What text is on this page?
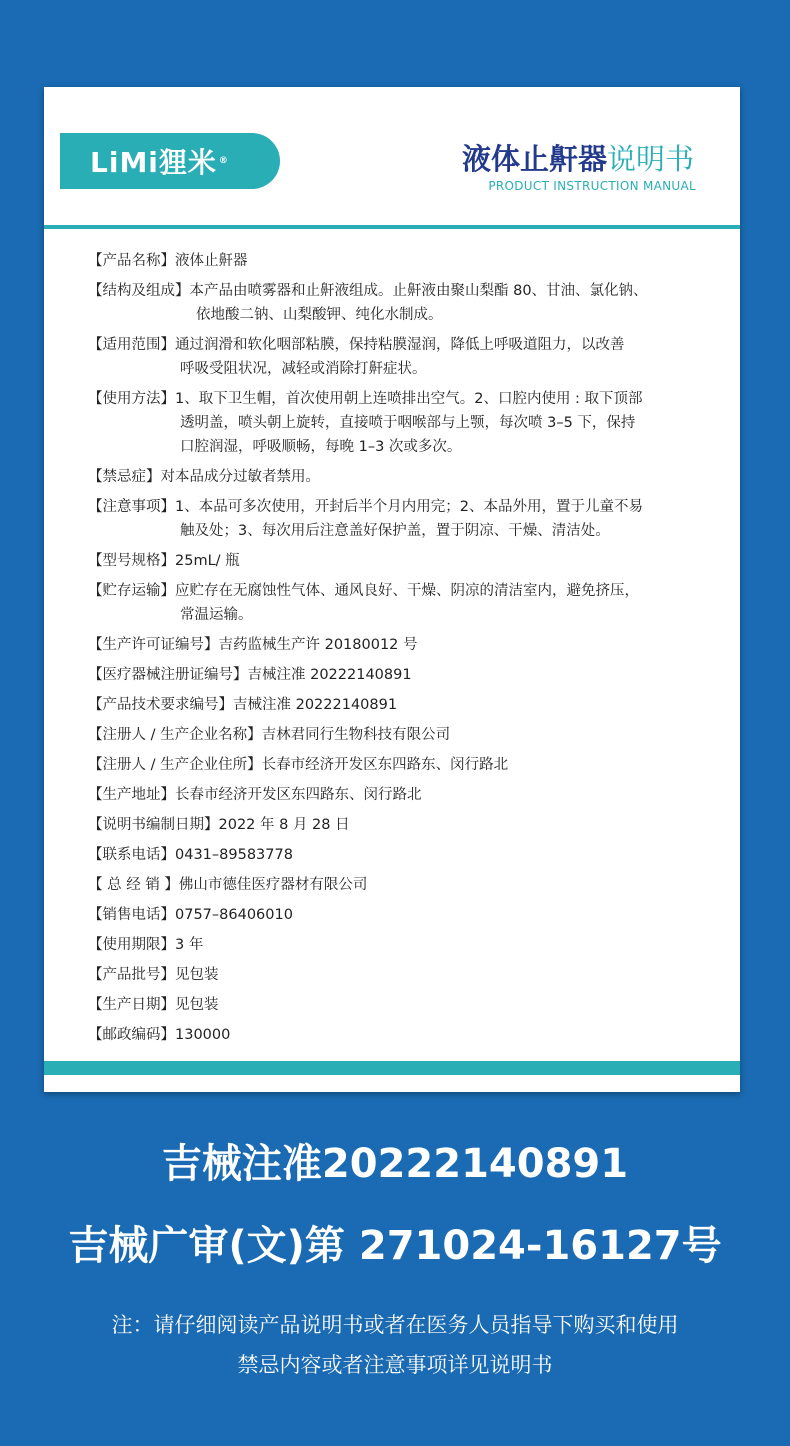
LiMi狸米 ®	液体止鼾器说明书
PRODUCT INSTRUCTION MANUAL
【产品名称】液体止鼾器
【结构及组成】本产品由喷雾器和止鼾液组成。止鼾液由聚山梨酯 80、甘油、氯化钠、
依地酸二钠、山梨酸钾、纯化水制成。
【适用范围】通过润滑和软化咽部粘膜，保持粘膜湿润，降低上呼吸道阻力，以改善
呼吸受阻状况，减轻或消除打鼾症状。
【使用方法】1、取下卫生帽，首次使用朝上连喷排出空气。2、口腔内使用 : 取下顶部
透明盖，喷头朝上旋转，直接喷于咽喉部与上颚，每次喷 3–5 下，保持
口腔润湿，呼吸顺畅，每晚 1–3 次或多次。
【禁忌症】对本品成分过敏者禁用。
【注意事项】1、本品可多次使用，开封后半个月内用完；2、本品外用，置于儿童不易
触及处；3、每次用后注意盖好保护盖，置于阴凉、干燥、清洁处。
【型号规格】25mL/ 瓶
【贮存运输】应贮存在无腐蚀性气体、通风良好、干燥、阴凉的清洁室内，避免挤压，
常温运输。
【生产许可证编号】吉药监械生产许 20180012 号
【医疗器械注册证编号】吉械注准 20222140891
【产品技术要求编号】吉械注准 20222140891
【注册人 / 生产企业名称】吉林君同行生物科技有限公司
【注册人 / 生产企业住所】长春市经济开发区东四路东、闵行路北
【生产地址】长春市经济开发区东四路东、闵行路北
【说明书编制日期】2022 年 8 月 28 日
【联系电话】0431–89583778
【 总 经 销 】佛山市德佳医疗器材有限公司
【销售电话】0757–86406010
【使用期限】3 年
【产品批号】见包装
【生产日期】见包装
【邮政编码】130000
吉械注准20222140891
吉械广审(文)第 271024-16127号
注：请仔细阅读产品说明书或者在医务人员指导下购买和使用
禁忌内容或者注意事项详见说明书
